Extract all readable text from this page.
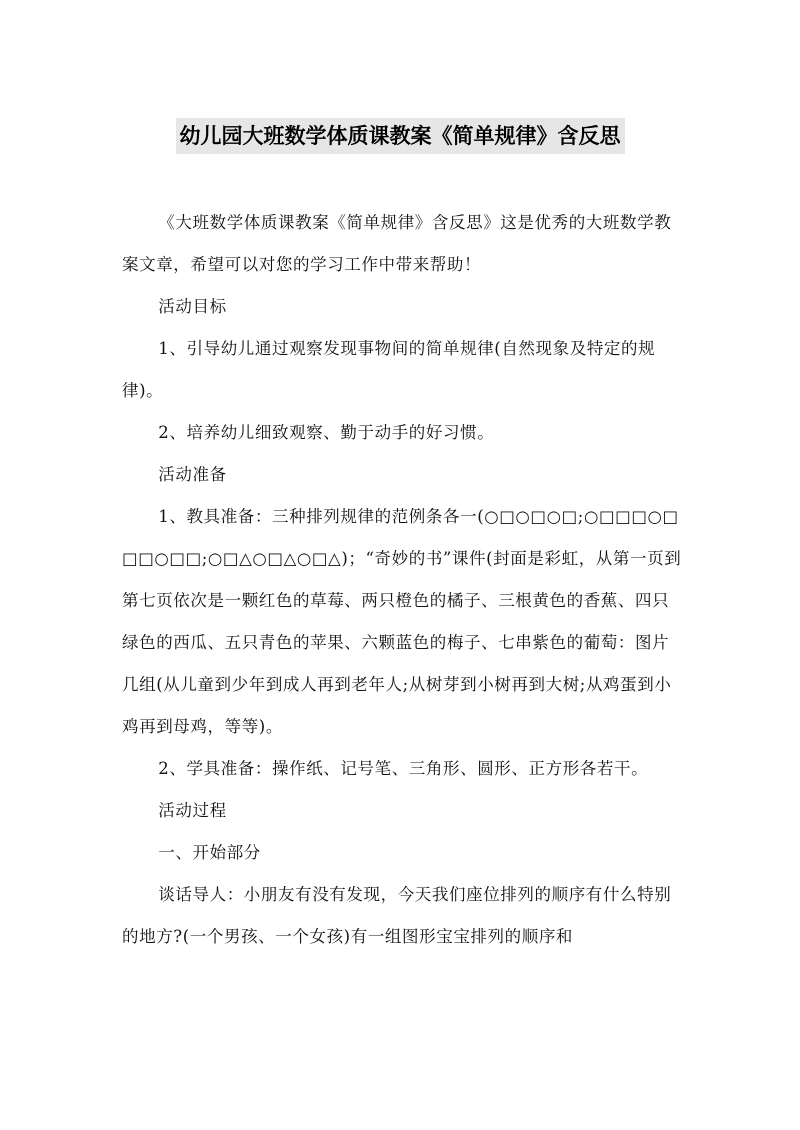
幼儿园大班数学体质课教案《简单规律》含反思

《大班数学体质课教案《简单规律》含反思》这是优秀的大班数学教案文章，希望可以对您的学习工作中带来帮助！

活动目标

1、引导幼儿通过观察发现事物间的简单规律(自然现象及特定的规律)。

2、培养幼儿细致观察、勤于动手的好习惯。

活动准备

1、教具准备：三种排列规律的范例条各一(○□○□○□;○□□□○□□□○□□;○□△○□△○□△)；“奇妙的书”课件(封面是彩虹，从第一页到第七页依次是一颗红色的草莓、两只橙色的橘子、三根黄色的香蕉、四只绿色的西瓜、五只青色的苹果、六颗蓝色的梅子、七串紫色的葡萄：图片几组(从儿童到少年到成人再到老年人;从树芽到小树再到大树;从鸡蛋到小鸡再到母鸡，等等)。

2、学具准备：操作纸、记号笔、三角形、圆形、正方形各若干。

活动过程

一、开始部分

谈话导人：小朋友有没有发现，今天我们座位排列的顺序有什么特别的地方?(一个男孩、一个女孩)有一组图形宝宝排列的顺序和
